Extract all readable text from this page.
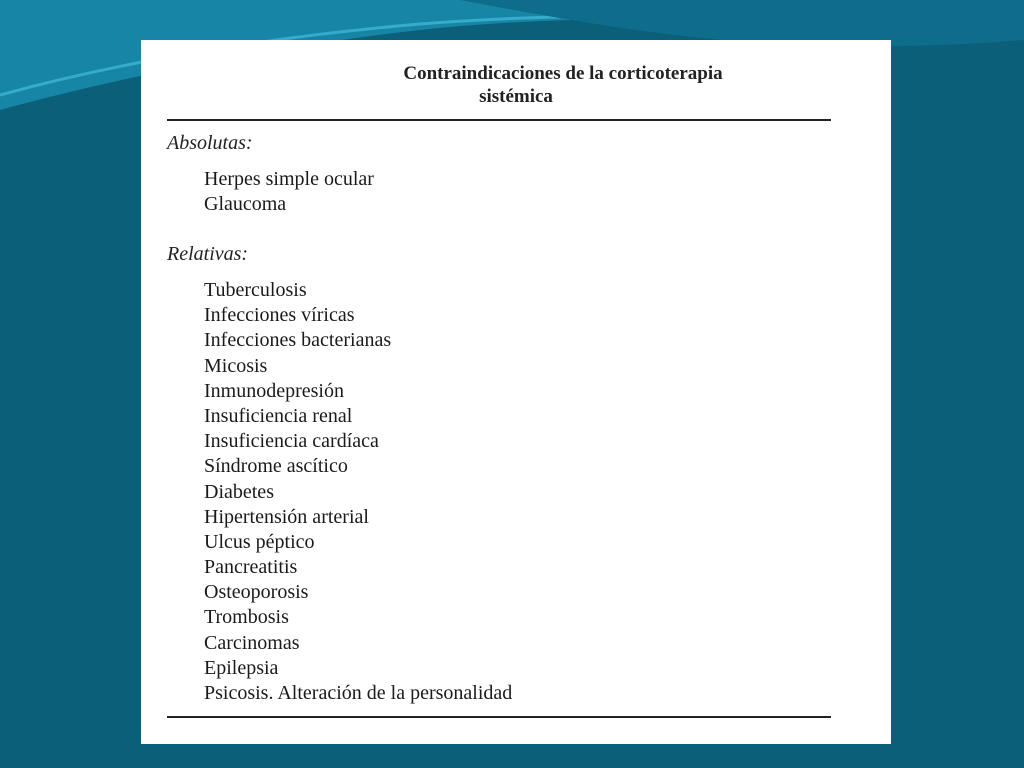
Contraindicaciones de la corticoterapia
sistémica
Absolutas:
Herpes simple ocular
Glaucoma
Relativas:
Tuberculosis
Infecciones víricas
Infecciones bacterianas
Micosis
Inmunodepresión
Insuficiencia renal
Insuficiencia cardíaca
Síndrome ascítico
Diabetes
Hipertensión arterial
Ulcus péptico
Pancreatitis
Osteoporosis
Trombosis
Carcinomas
Epilepsia
Psicosis. Alteración de la personalidad
